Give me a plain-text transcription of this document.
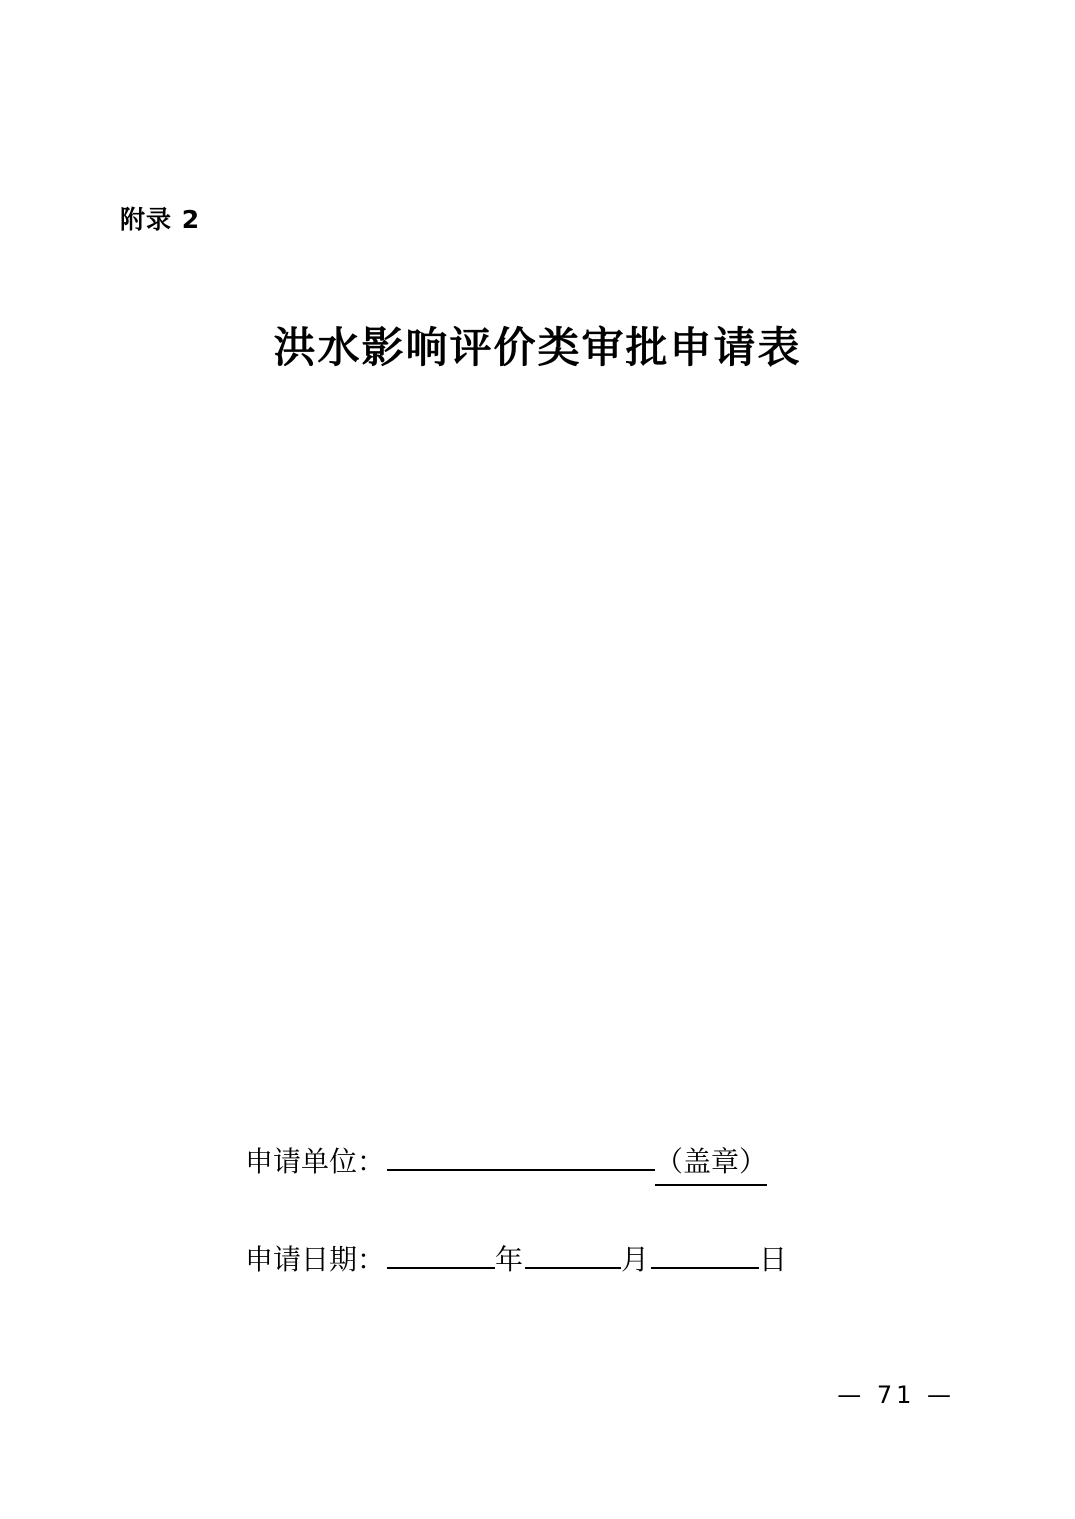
附录 2
洪水影响评价类审批申请表
申请单位：	（盖章）
申请日期：	年	月	日
— 71 —
